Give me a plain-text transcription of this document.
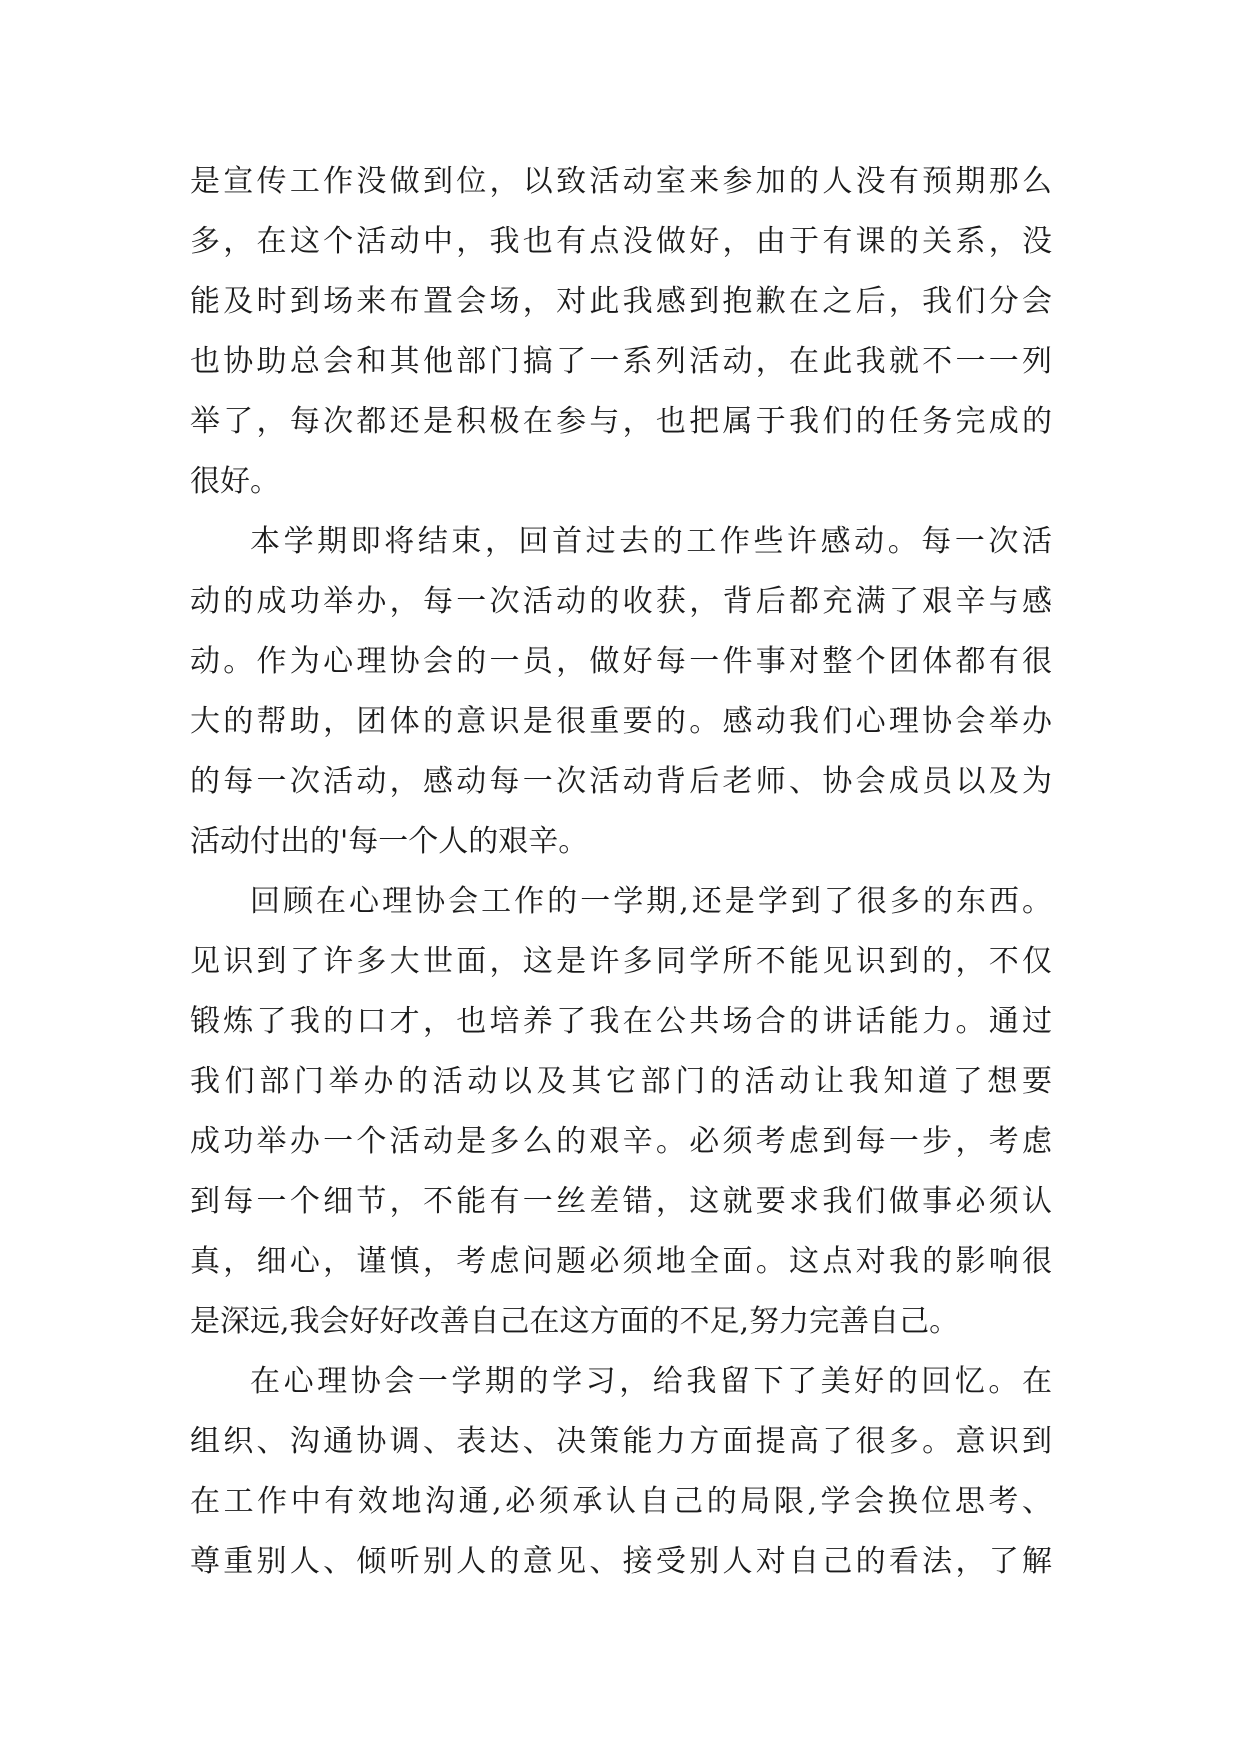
是宣传工作没做到位，以致活动室来参加的人没有预期那么
多，在这个活动中，我也有点没做好，由于有课的关系，没
能及时到场来布置会场，对此我感到抱歉在之后，我们分会
也协助总会和其他部门搞了一系列活动，在此我就不一一列
举了，每次都还是积极在参与，也把属于我们的任务完成的
很好。
本学期即将结束，回首过去的工作些许感动。每一次活
动的成功举办，每一次活动的收获，背后都充满了艰辛与感
动。作为心理协会的一员，做好每一件事对整个团体都有很
大的帮助，团体的意识是很重要的。感动我们心理协会举办
的每一次活动，感动每一次活动背后老师、协会成员以及为
活动付出的'每一个人的艰辛。
回顾在心理协会工作的一学期,还是学到了很多的东西。
见识到了许多大世面，这是许多同学所不能见识到的，不仅
锻炼了我的口才，也培养了我在公共场合的讲话能力。通过
我们部门举办的活动以及其它部门的活动让我知道了想要
成功举办一个活动是多么的艰辛。必须考虑到每一步，考虑
到每一个细节，不能有一丝差错，这就要求我们做事必须认
真，细心，谨慎，考虑问题必须地全面。这点对我的影响很
是深远,我会好好改善自己在这方面的不足,努力完善自己。
在心理协会一学期的学习，给我留下了美好的回忆。在
组织、沟通协调、表达、决策能力方面提高了很多。意识到
在工作中有效地沟通,必须承认自己的局限,学会换位思考、
尊重别人、倾听别人的意见、接受别人对自己的看法，了解
